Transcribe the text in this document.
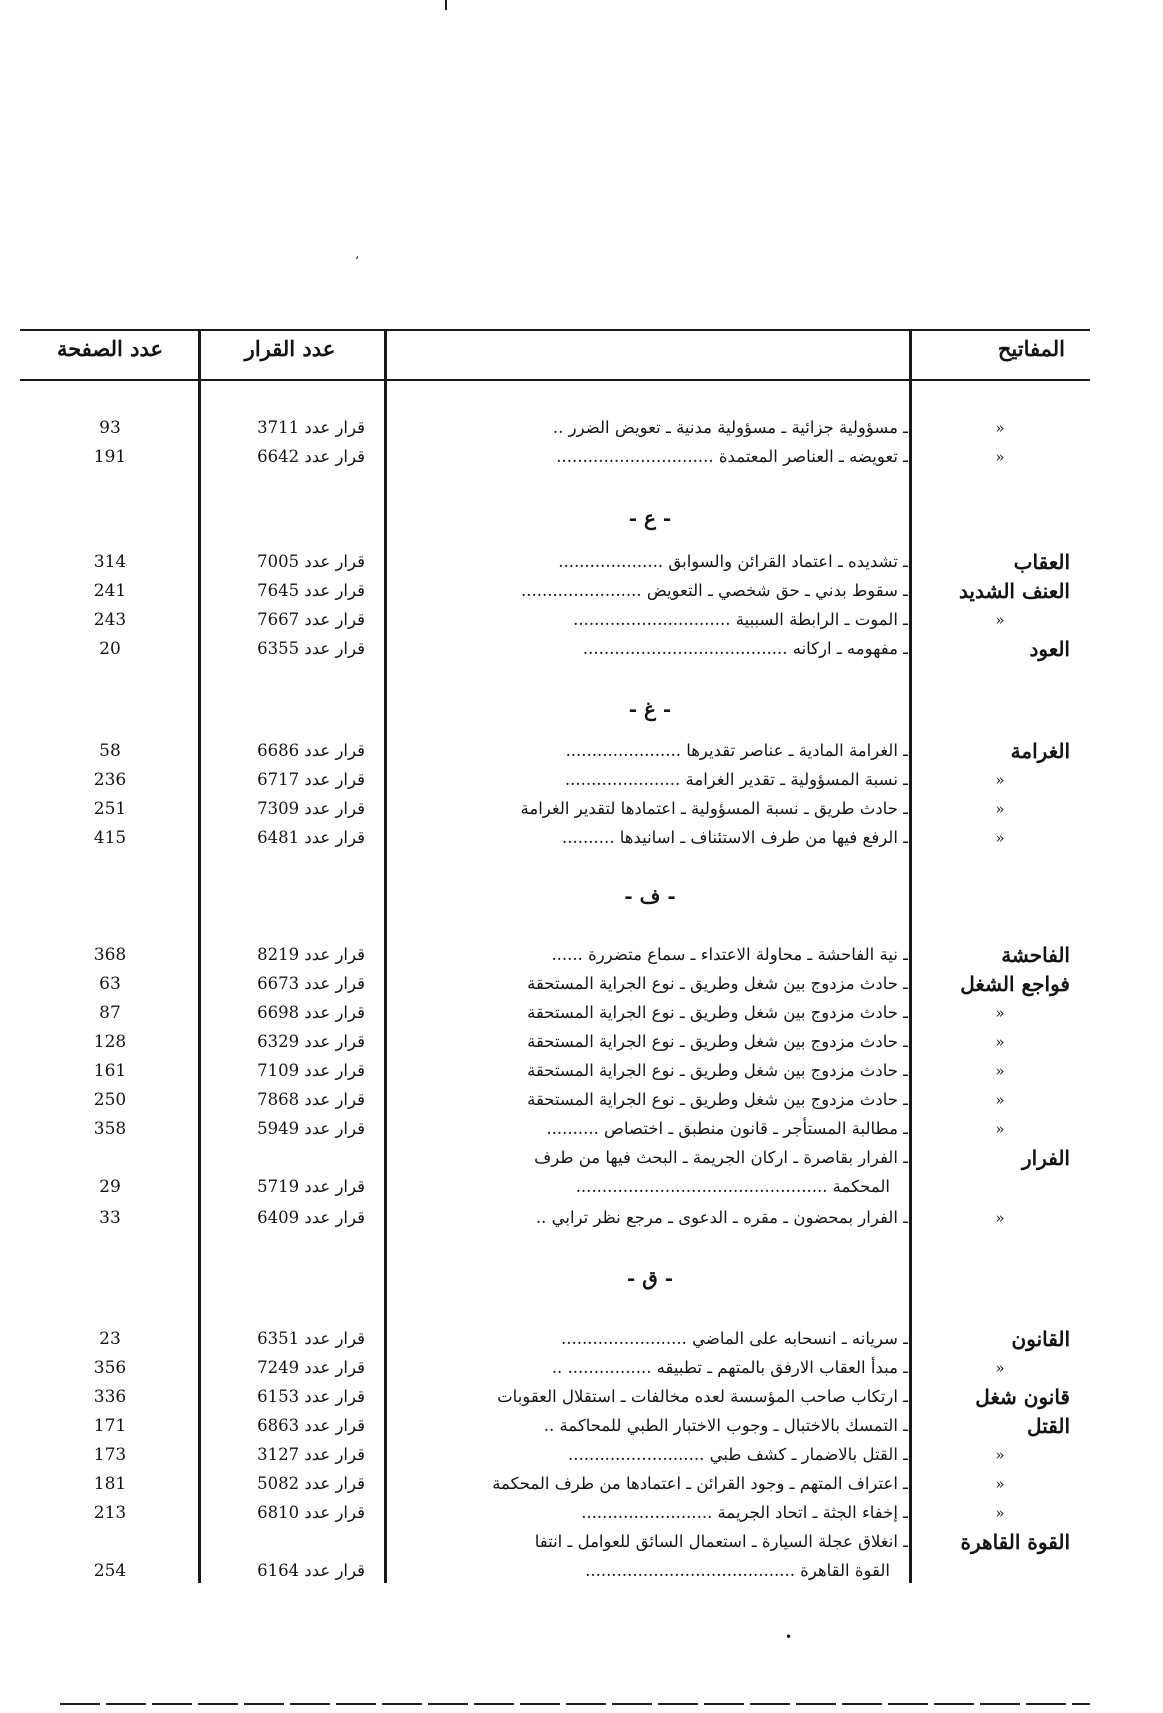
،
المفاتيح
عدد القرار
عدد الصفحة
»
ـ مسؤولية جزائية ـ مسؤولية مدنية ـ تعويض الضرر ..
قرار عدد 3711
93
»
ـ تعويضه ـ العناصر المعتمدة ..............................
قرار عدد 6642
191
- ع -
العقاب
ـ تشديده ـ اعتماد القرائن والسوابق ....................
قرار عدد 7005
314
العنف الشديد
ـ سقوط بدني ـ حق شخصي ـ التعويض .......................
قرار عدد 7645
241
»
ـ الموت ـ الرابطة السببية ..............................
قرار عدد 7667
243
العود
ـ مفهومه ـ اركانه .......................................
قرار عدد 6355
20
- غ -
الغرامة
ـ الغرامة المادية ـ عناصر تقديرها ......................
قرار عدد 6686
58
»
ـ نسبة المسؤولية ـ تقدير الغرامة ......................
قرار عدد 6717
236
»
ـ حادث طريق ـ نسبة المسؤولية ـ اعتمادها لتقدير الغرامة
قرار عدد 7309
251
»
ـ الرفع فيها من طرف الاستئناف ـ اسانيدها ..........
قرار عدد 6481
415
- ف -
الفاحشة
ـ نية الفاحشة ـ محاولة الاعتداء ـ سماع متضررة ......
قرار عدد 8219
368
فواجع الشغل
ـ حادث مزدوج بين شغل وطريق ـ نوع الجراية المستحقة
قرار عدد 6673
63
»
ـ حادث مزدوج بين شغل وطريق ـ نوع الجراية المستحقة
قرار عدد 6698
87
»
ـ حادث مزدوج بين شغل وطريق ـ نوع الجراية المستحقة
قرار عدد 6329
128
»
ـ حادث مزدوج بين شغل وطريق ـ نوع الجراية المستحقة
قرار عدد 7109
161
»
ـ حادث مزدوج بين شغل وطريق ـ نوع الجراية المستحقة
قرار عدد 7868
250
»
ـ مطالبة المستأجر ـ قانون منطبق ـ اختصاص ..........
قرار عدد 5949
358
الفرار
ـ الفرار بقاصرة ـ اركان الجريمة ـ البحث فيها من طرف
المحكمة ................................................
قرار عدد 5719
29
»
ـ الفرار بمحضون ـ مقره ـ الدعوى ـ مرجع نظر ترابي ..
قرار عدد 6409
33
- ق -
القانون
ـ سريانه ـ انسحابه على الماضي ........................
قرار عدد 6351
23
»
ـ مبدأ العقاب الارفق بالمتهم ـ تطبيقه ................ ..
قرار عدد 7249
356
قانون شغل
ـ ارتكاب صاحب المؤسسة لعده مخالفات ـ استقلال العقوبات
قرار عدد 6153
336
القتل
ـ التمسك بالاختبال ـ وجوب الاختبار الطبي للمحاكمة ..
قرار عدد 6863
171
»
ـ القتل بالاضمار ـ كشف طبي ..........................
قرار عدد 3127
173
»
ـ اعتراف المتهم ـ وجود القرائن ـ اعتمادها من طرف المحكمة
قرار عدد 5082
181
»
ـ إخفاء الجثة ـ اتحاد الجريمة .........................
قرار عدد 6810
213
القوة القاهرة
ـ انغلاق عجلة السيارة ـ استعمال السائق للعوامل ـ انتفا
القوة القاهرة ........................................
قرار عدد 6164
254
•
